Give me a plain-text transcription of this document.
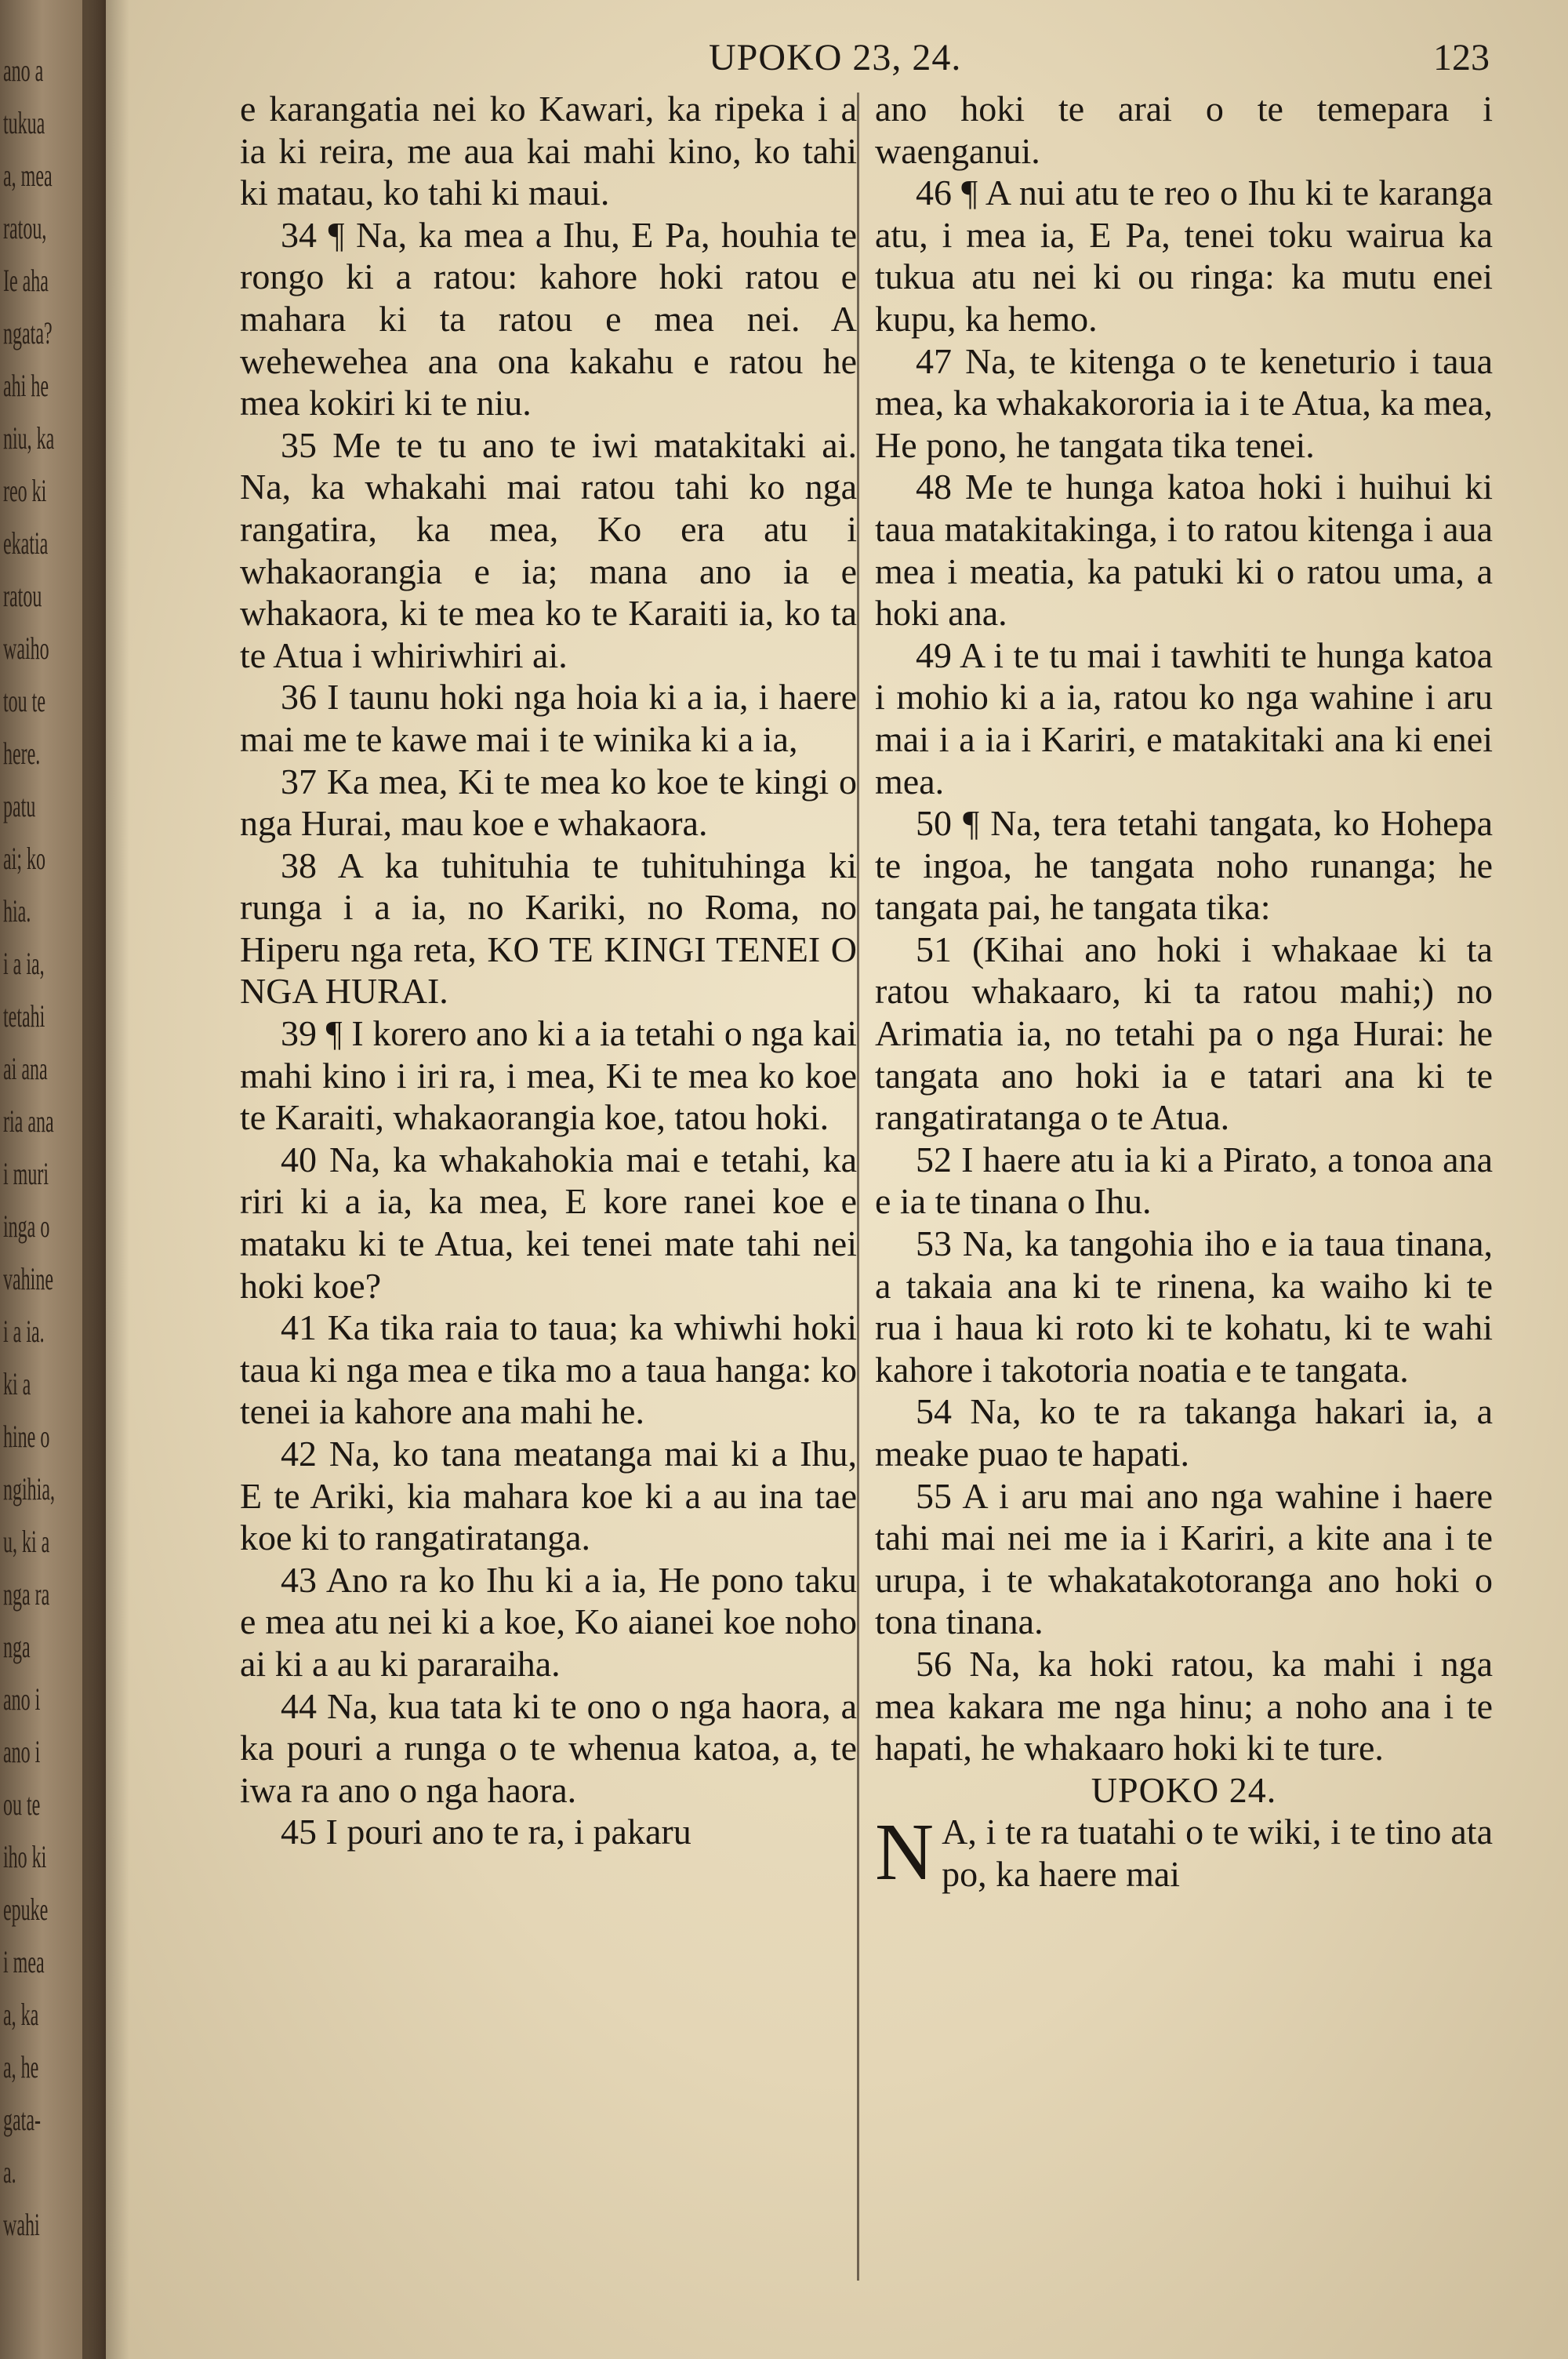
ano a
tukua
a, mea
ratou,
Ie aha
ngata?
ahi he
niu, ka
reo ki
ekatia
ratou
waiho
tou te
here.
patu
ai; ko
hia.
i a ia,
tetahi
ai ana
ria ana
i muri
inga o
vahine
i a ia.
ki a
hine o
ngihia,
u, ki a
nga ra
nga
ano i
ano i
ou te
iho ki
epuke
i mea
a, ka
a, he
gata-
a.
wahi
UPOKO 23, 24.	123

e karangatia nei ko Kawari, ka ripeka i a ia ki reira, me aua kai mahi kino, ko tahi ki matau, ko tahi ki maui.

34 ¶ Na, ka mea a Ihu, E Pa, houhia te rongo ki a ratou: kahore hoki ratou e mahara ki ta ratou e mea nei. A wehewehea ana ona kakahu e ratou he mea kokiri ki te niu.

35 Me te tu ano te iwi matakitaki ai. Na, ka whakahi mai ratou tahi ko nga rangatira, ka mea, Ko era atu i whakaorangia e ia; mana ano ia e whakaora, ki te mea ko te Karaiti ia, ko ta te Atua i whiriwhiri ai.

36 I taunu hoki nga hoia ki a ia, i haere mai me te kawe mai i te winika ki a ia,

37 Ka mea, Ki te mea ko koe te kingi o nga Hurai, mau koe e whakaora.

38 A ka tuhituhia te tuhituhinga ki runga i a ia, no Kariki, no Roma, no Hiperu nga reta, KO TE KINGI TENEI O NGA HURAI.

39 ¶ I korero ano ki a ia tetahi o nga kai mahi kino i iri ra, i mea, Ki te mea ko koe te Karaiti, whakaorangia koe, tatou hoki.

40 Na, ka whakahokia mai e tetahi, ka riri ki a ia, ka mea, E kore ranei koe e mataku ki te Atua, kei tenei mate tahi nei hoki koe?

41 Ka tika raia to taua; ka whiwhi hoki taua ki nga mea e tika mo a taua hanga: ko tenei ia kahore ana mahi he.

42 Na, ko tana meatanga mai ki a Ihu, E te Ariki, kia mahara koe ki a au ina tae koe ki to rangatiratanga.

43 Ano ra ko Ihu ki a ia, He pono taku e mea atu nei ki a koe, Ko aianei koe noho ai ki a au ki pararaiha.

44 Na, kua tata ki te ono o nga haora, a ka pouri a runga o te whenua katoa, a, te iwa ra ano o nga haora.

45 I pouri ano te ra, i pakaru

ano hoki te arai o te temepara i waenganui.

46 ¶ A nui atu te reo o Ihu ki te karanga atu, i mea ia, E Pa, tenei toku wairua ka tukua atu nei ki ou ringa: ka mutu enei kupu, ka hemo.

47 Na, te kitenga o te keneturio i taua mea, ka whakakororia ia i te Atua, ka mea, He pono, he tangata tika tenei.

48 Me te hunga katoa hoki i huihui ki taua matakitakinga, i to ratou kitenga i aua mea i meatia, ka patuki ki o ratou uma, a hoki ana.

49 A i te tu mai i tawhiti te hunga katoa i mohio ki a ia, ratou ko nga wahine i aru mai i a ia i Kariri, e matakitaki ana ki enei mea.

50 ¶ Na, tera tetahi tangata, ko Hohepa te ingoa, he tangata noho runanga; he tangata pai, he tangata tika:

51 (Kihai ano hoki i whakaae ki ta ratou whakaaro, ki ta ratou mahi;) no Arimatia ia, no tetahi pa o nga Hurai: he tangata ano hoki ia e tatari ana ki te rangatiratanga o te Atua.

52 I haere atu ia ki a Pirato, a tonoa ana e ia te tinana o Ihu.

53 Na, ka tangohia iho e ia taua tinana, a takaia ana ki te rinena, ka waiho ki te rua i haua ki roto ki te kohatu, ki te wahi kahore i takotoria noatia e te tangata.

54 Na, ko te ra takanga hakari ia, a meake puao te hapati.

55 A i aru mai ano nga wahine i haere tahi mai nei me ia i Kariri, a kite ana i te urupa, i te whakatakotoranga ano hoki o tona tinana.

56 Na, ka hoki ratou, ka mahi i nga mea kakara me nga hinu; a noho ana i te hapati, he whakaaro hoki ki te ture.

UPOKO 24.

N A, i te ra tuatahi o te wiki, i te tino ata po, ka haere mai
